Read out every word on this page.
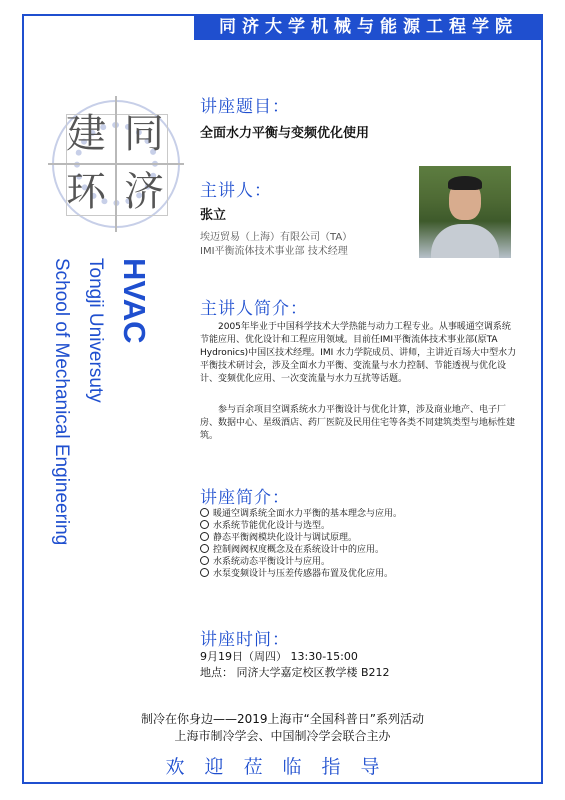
同济大学机械与能源工程学院
建 同
环 济
HVAC
Tongji Universuty
School of Mechanical Engineering
讲座题目：
全面水力平衡与变频优化使用
主讲人：
张立
埃迈贸易（上海）有限公司（TA）
IMI平衡流体技术事业部 技术经理
主讲人简介：
2005年毕业于中国科学技术大学热能与动力工程专业。从事暖通空调系统节能应用、优化设计和工程应用领域。目前任IMI平衡流体技术事业部(原TA Hydronics)中国区技术经理。IMI 水力学院成员、讲师，主讲近百场大中型水力平衡技术研讨会，涉及全面水力平衡、变流量与水力控制、节能透视与优化设计、变频优化应用、一次变流量与水力互扰等话题。
参与百余项目空调系统水力平衡设计与优化计算，涉及商业地产、电子厂房、数据中心、星级酒店、药厂医院及民用住宅等各类不同建筑类型与地标性建筑。
讲座简介：
暖通空调系统全面水力平衡的基本理念与应用。
水系统节能优化设计与选型。
静态平衡阀模块化设计与调试原理。
控制阀阀权度概念及在系统设计中的应用。
水系统动态平衡设计与应用。
水泵变频设计与压差传感器布置及优化应用。
讲座时间：
9月19日（周四） 13:30-15:00
地点： 同济大学嘉定校区教学楼 B212
制冷在你身边——2019上海市“全国科普日”系列活动
上海市制冷学会、中国制冷学会联合主办
欢迎莅临指导
